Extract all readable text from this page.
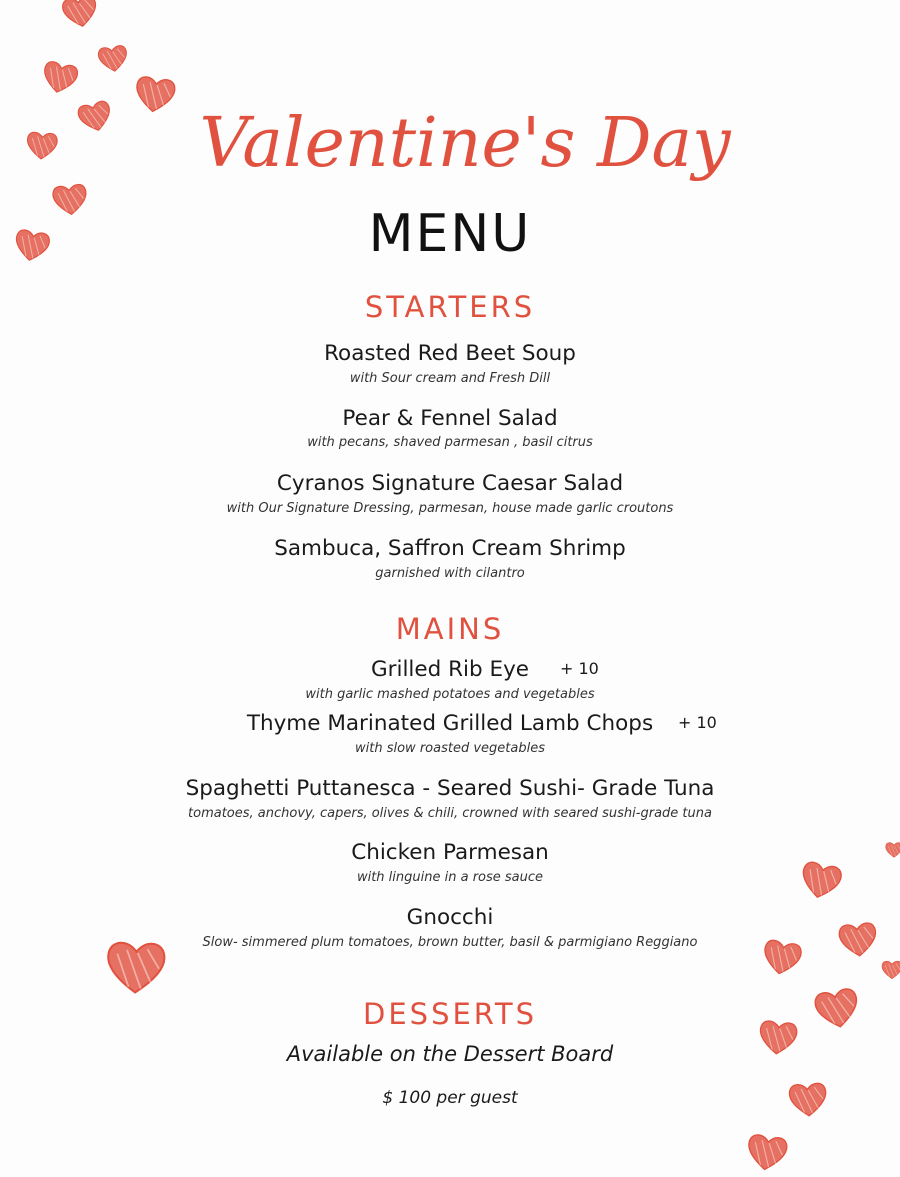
Valentine's Day
MENU
STARTERS
Roasted Red Beet Soup
with Sour cream and Fresh Dill
Pear & Fennel Salad
with pecans, shaved parmesan , basil citrus
Cyranos Signature Caesar Salad
with Our Signature Dressing, parmesan, house made garlic croutons
Sambuca, Saffron Cream Shrimp
garnished with cilantro
MAINS
Grilled Rib Eye	+ 10
with garlic mashed potatoes and vegetables
Thyme Marinated Grilled Lamb Chops	+ 10
with slow roasted vegetables
Spaghetti Puttanesca - Seared Sushi- Grade Tuna
tomatoes, anchovy, capers, olives & chili, crowned with seared sushi-grade tuna
Chicken Parmesan
with linguine in a rose sauce
Gnocchi
Slow- simmered plum tomatoes, brown butter, basil & parmigiano Reggiano
DESSERTS
Available on the Dessert Board
$ 100 per guest
